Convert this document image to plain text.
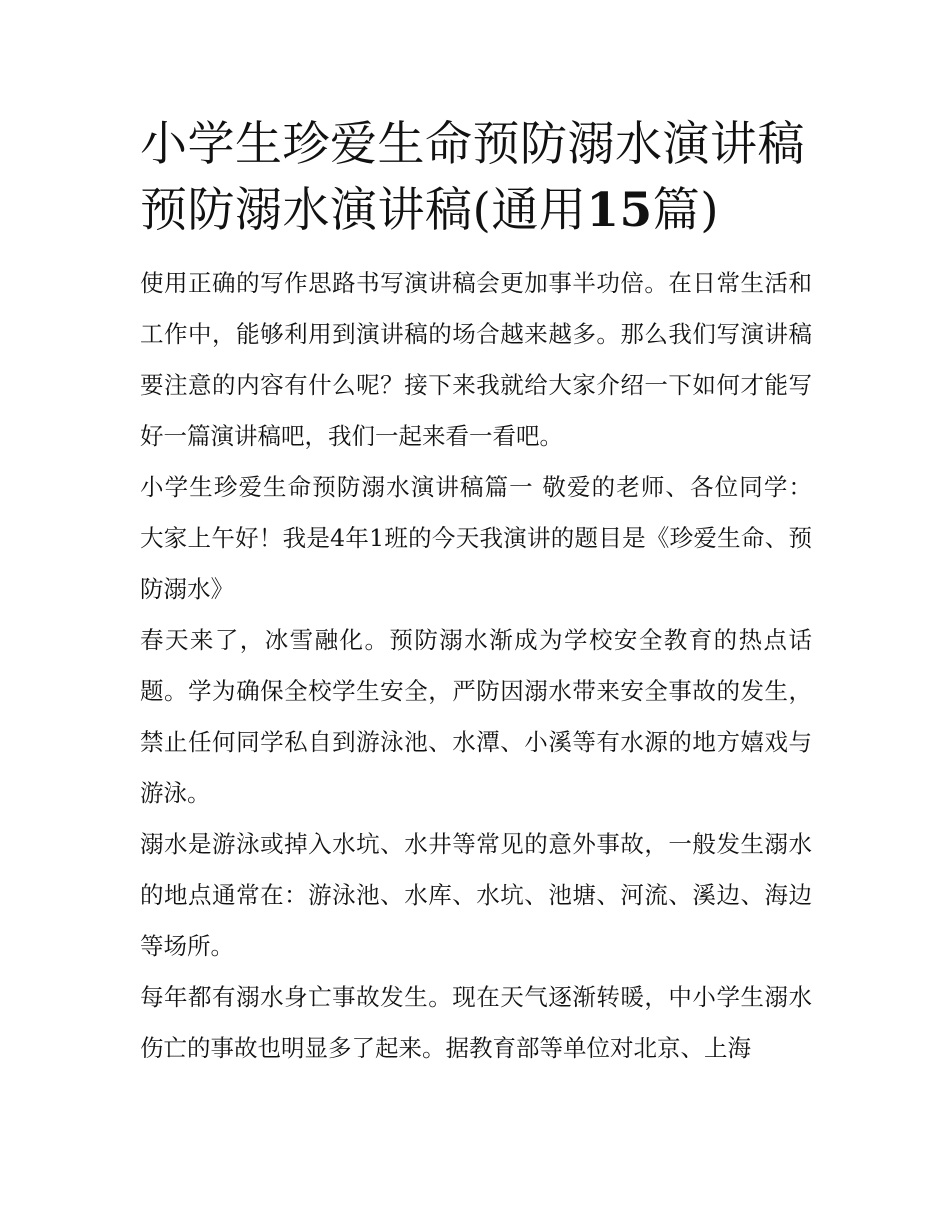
小学生珍爱生命预防溺水演讲稿 预防溺水演讲稿(通用15篇)

使用正确的写作思路书写演讲稿会更加事半功倍。在日常生活和工作中，能够利用到演讲稿的场合越来越多。那么我们写演讲稿要注意的内容有什么呢？接下来我就给大家介绍一下如何才能写好一篇演讲稿吧，我们一起来看一看吧。

小学生珍爱生命预防溺水演讲稿篇一 敬爱的老师、各位同学： 大家上午好！我是4年1班的今天我演讲的题目是《珍爱生命、预防溺水》

春天来了，冰雪融化。预防溺水渐成为学校安全教育的热点话题。学为确保全校学生安全，严防因溺水带来安全事故的发生，禁止任何同学私自到游泳池、水潭、小溪等有水源的地方嬉戏与游泳。

溺水是游泳或掉入水坑、水井等常见的意外事故，一般发生溺水的地点通常在：游泳池、水库、水坑、池塘、河流、溪边、海边等场所。

每年都有溺水身亡事故发生。现在天气逐渐转暖，中小学生溺水伤亡的事故也明显多了起来。据教育部等单位对北京、上海
